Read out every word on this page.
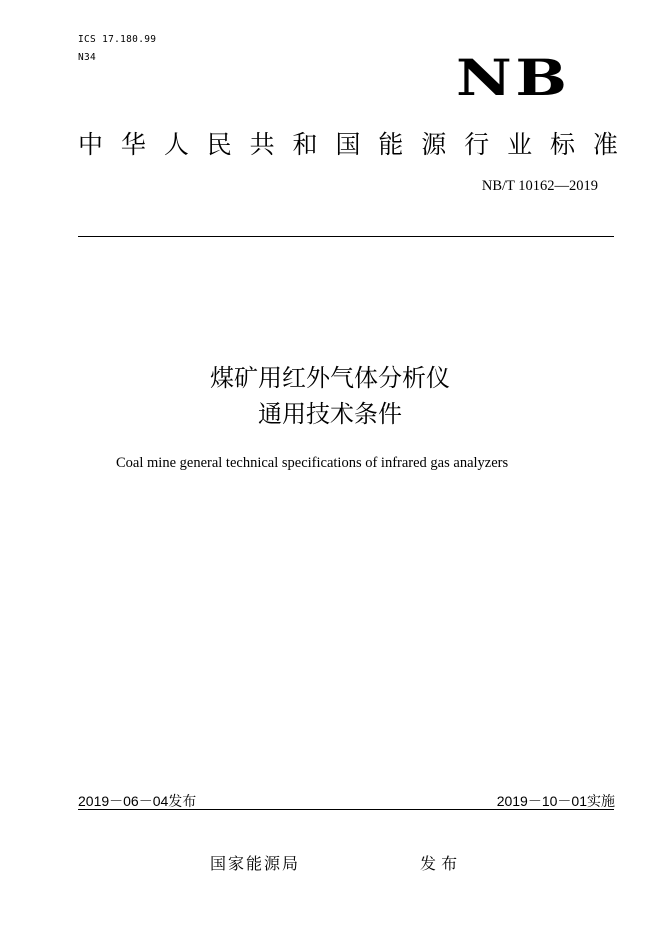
ICS 17.180.99
N34	NB
中 华 人 民 共 和 国 能 源 行 业 标 准
NB/T 10162—2019
煤矿用红外气体分析仪
通用技术条件
Coal mine general technical specifications of infrared gas analyzers
2019－06－04发布	2019－10－01实施
国家能源局	发 布
